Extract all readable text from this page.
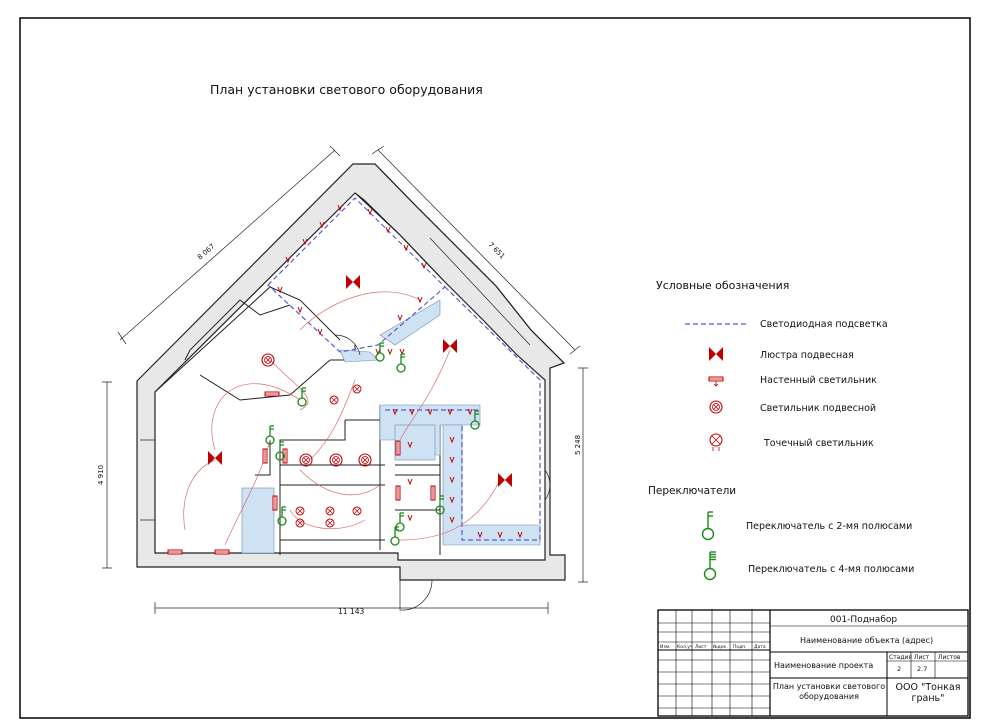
План установки светового оборудования
8 067	7 651
4 910
5 248
11 143
Условные обозначения
Светодиодная подсветка
Люстра подвесная
Настенный светильник
Светильник подвесной
Точечный светильник
Переключатели
Переключатель с 2-мя полюсами
Переключатель с 4-мя полюсами
Изм. Кол.уч Лист №док. Подп. Дата
001-Поднабор
Наименование объекта (адрес)
Наименование проекта
Стадия Лист Листов
2 2.7
План установки светового оборудования
ООО "Тонкая грань"
